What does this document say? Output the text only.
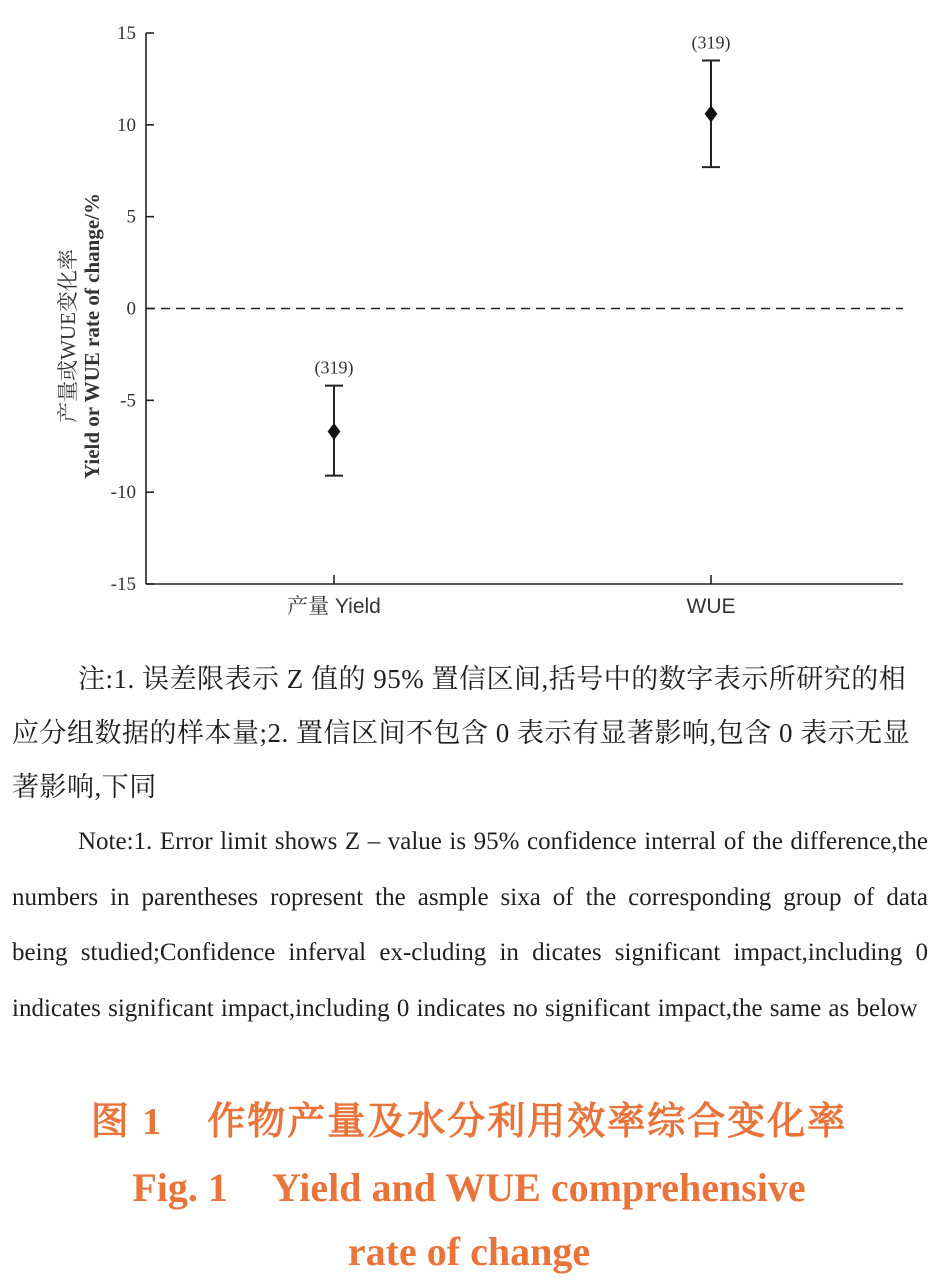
15
10
5
0
-5
-10
-15
产量 Yield	WUE
(319)
(319)
产量或WUE变化率 Yield or WUE rate of change/%
注:1. 误差限表示 Z 值的 95% 置信区间,括号中的数字表示所研究的相应分组数据的样本量;2. 置信区间不包含 0 表示有显著影响,包含 0 表示无显著影响,下同
Note:1. Error limit shows Z – value is 95% confidence interral of the difference,the numbers in parentheses ropresent the asmple sixa of the corresponding group of data being studied;Confidence inferval ex-cluding in dicates significant impact,including 0 indicates significant impact,including 0 indicates no significant impact,the same as below
图 1 作物产量及水分利用效率综合变化率
Fig. 1 Yield and WUE comprehensive
rate of change
